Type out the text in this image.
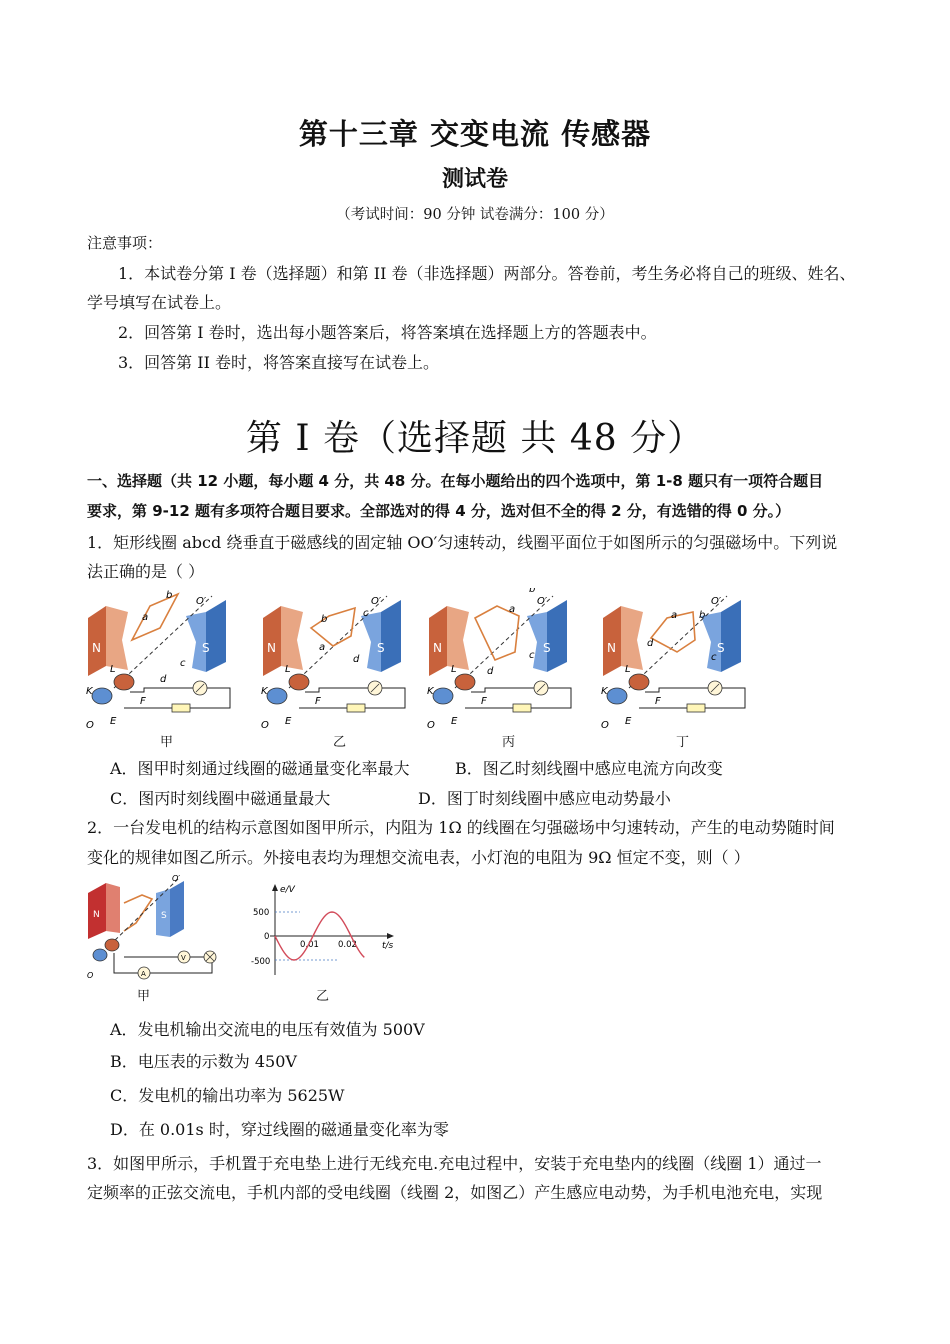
第十三章 交变电流 传感器
测试卷
（考试时间：90 分钟 试卷满分：100 分）
注意事项：
1．本试卷分第 I 卷（选择题）和第 II 卷（非选择题）两部分。答卷前，考生务必将自己的班级、姓名、
学号填写在试卷上。
2．回答第 I 卷时，选出每小题答案后，将答案填在选择题上方的答题表中。
3．回答第 II 卷时，将答案直接写在试卷上。
第 I 卷（选择题 共 48 分）
一、选择题（共 12 小题，每小题 4 分，共 48 分。在每小题给出的四个选项中，第 1-8 题只有一项符合题目
要求，第 9-12 题有多项符合题目要求。全部选对的得 4 分，选对但不全的得 2 分，有选错的得 0 分。）
1．矩形线圈 abcd 绕垂直于磁感线的固定轴 OO′匀速转动，线圈平面位于如图所示的匀强磁场中。下列说
法正确的是（ ）
N	S
O′
a
b
c
d
L
K
O E
F
N	S
O′
a
b
c
d
L
K
O E
F
N	S
O′
a
b
c
d
L
K
O E
F
N	S
O′
a b
c
d
L
K
O E
F
甲	乙	丙	丁
A．图甲时刻通过线圈的磁通量变化率最大	B．图乙时刻线圈中感应电流方向改变
C．图丙时刻线圈中磁通量最大	D．图丁时刻线圈中感应电动势最小
2．一台发电机的结构示意图如图甲所示，内阻为 1Ω 的线圈在匀强磁场中匀速转动，产生的电动势随时间
变化的规律如图乙所示。外接电表均为理想交流电表，小灯泡的电阻为 9Ω 恒定不变，则（ ）
N	S
O′
O	A
V
甲
e/V
t/s
500
0
-500
0.01 0.02
乙
A．发电机输出交流电的电压有效值为 500V
B．电压表的示数为 450V
C．发电机的输出功率为 5625W
D．在 0.01s 时，穿过线圈的磁通量变化率为零
3．如图甲所示，手机置于充电垫上进行无线充电.充电过程中，安装于充电垫内的线圈（线圈 1）通过一
定频率的正弦交流电，手机内部的受电线圈（线圈 2，如图乙）产生感应电动势，为手机电池充电，实现
